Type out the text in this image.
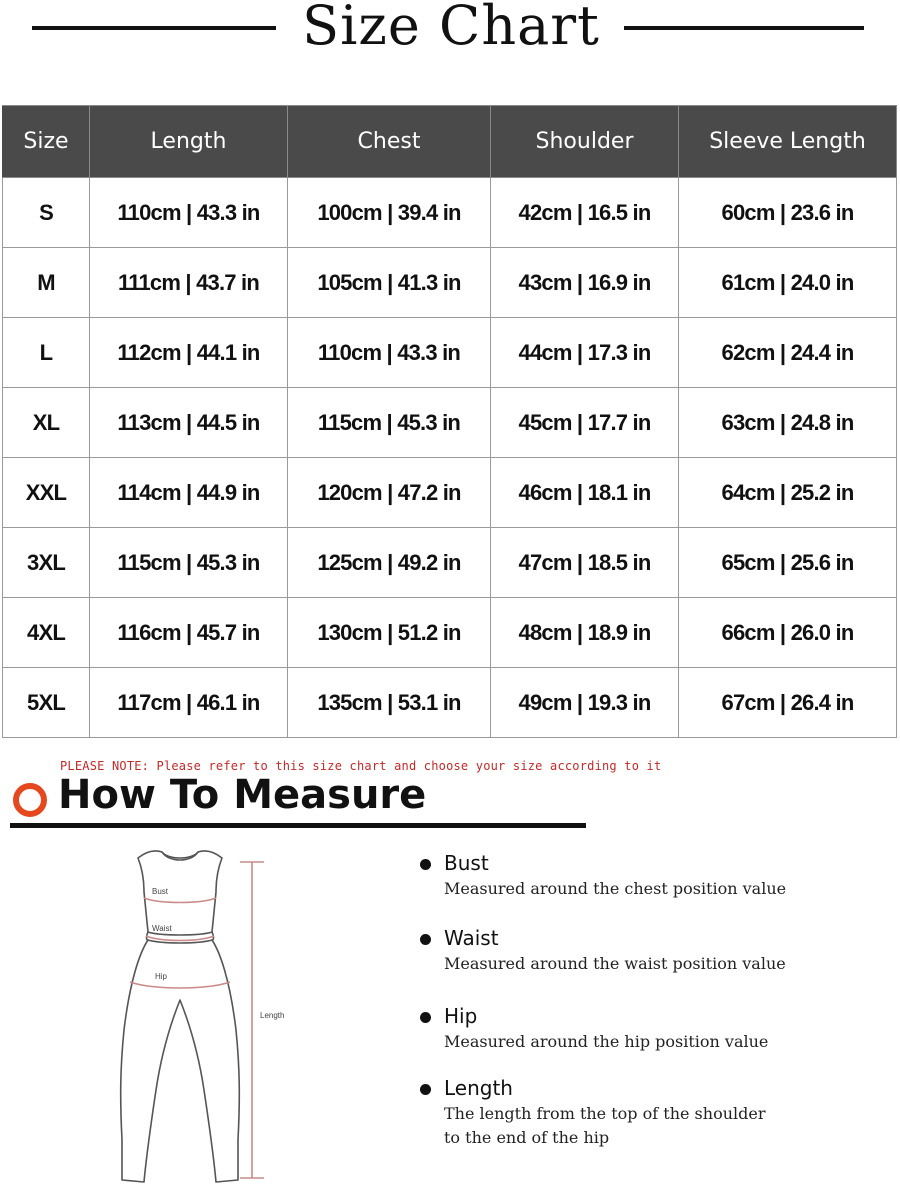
Size Chart
Size	Length	Chest	Shoulder	Sleeve Length
S	110cm | 43.3 in	100cm | 39.4 in	42cm | 16.5 in	60cm | 23.6 in
M	111cm | 43.7 in	105cm | 41.3 in	43cm | 16.9 in	61cm | 24.0 in
L	112cm | 44.1 in	110cm | 43.3 in	44cm | 17.3 in	62cm | 24.4 in
XL	113cm | 44.5 in	115cm | 45.3 in	45cm | 17.7 in	63cm | 24.8 in
XXL	114cm | 44.9 in	120cm | 47.2 in	46cm | 18.1 in	64cm | 25.2 in
3XL	115cm | 45.3 in	125cm | 49.2 in	47cm | 18.5 in	65cm | 25.6 in
4XL	116cm | 45.7 in	130cm | 51.2 in	48cm | 18.9 in	66cm | 26.0 in
5XL	117cm | 46.1 in	135cm | 53.1 in	49cm | 19.3 in	67cm | 26.4 in
PLEASE NOTE: Please refer to this size chart and choose your size according to it
How To Measure
Bust
Waist
Hip
Length
Bust
Measured around the chest position value
Waist
Measured around the waist position value
Hip
Measured around the hip position value
Length
The length from the top of the shoulder to the end of the hip
